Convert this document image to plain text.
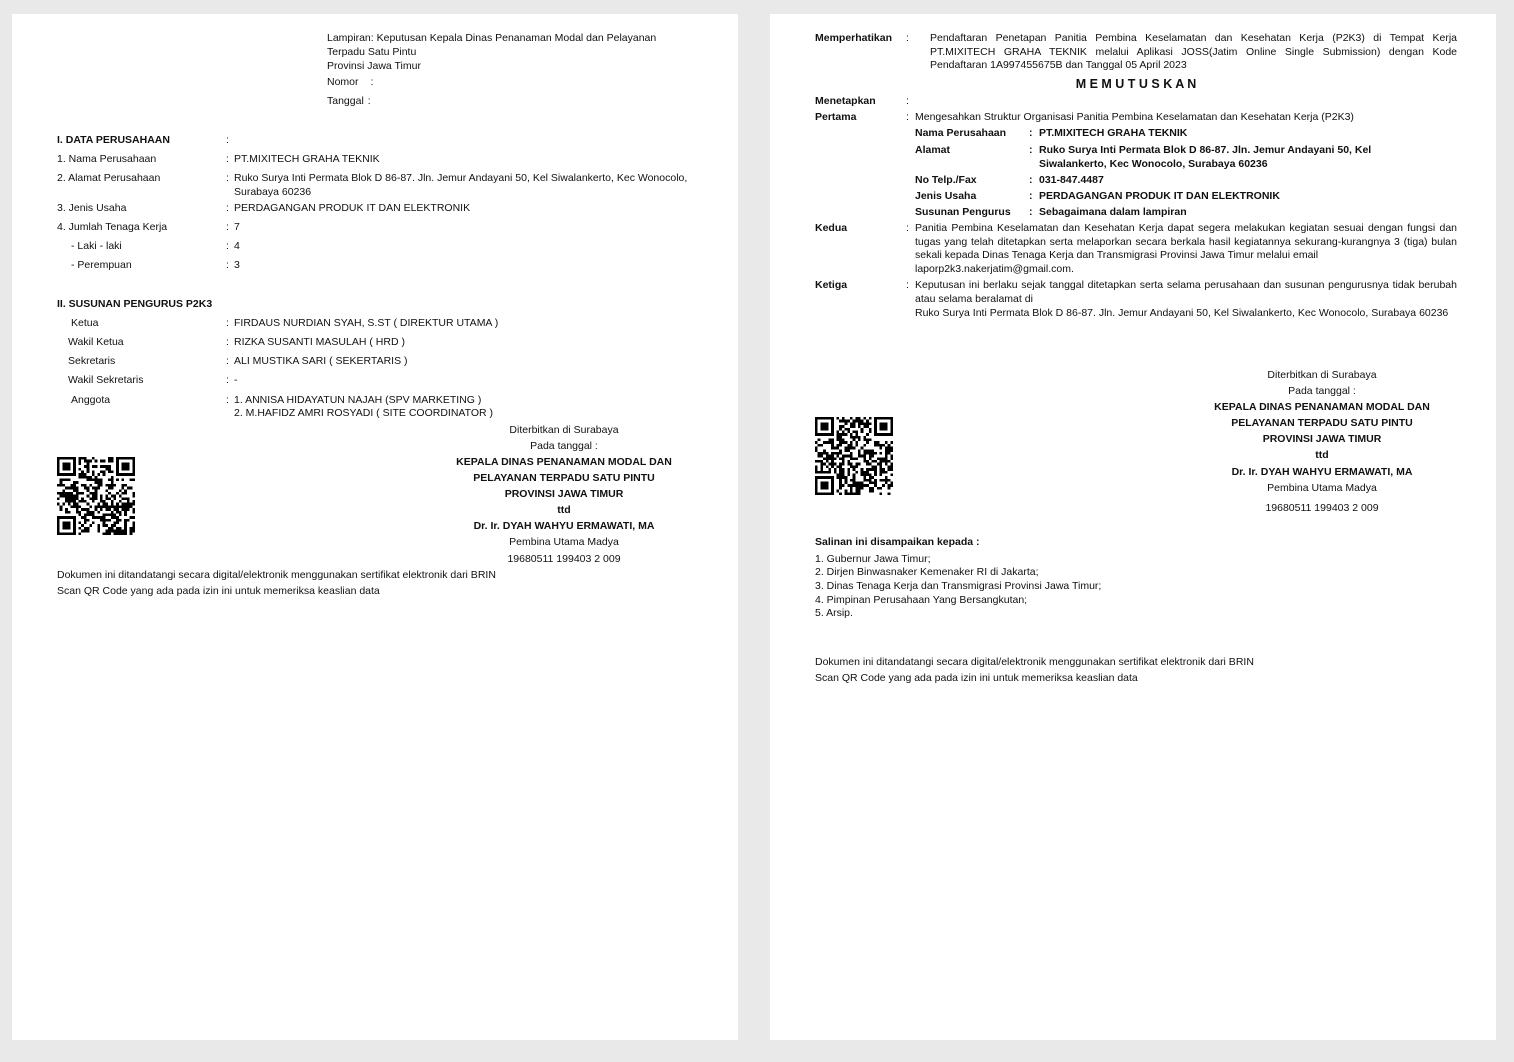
Lampiran: Keputusan Kepala Dinas Penanaman Modal dan Pelayanan Terpadu Satu Pintu
Provinsi Jawa Timur
Nomor :
Tanggal :
I. DATA PERUSAHAAN	:
1. Nama Perusahaan	: PT.MIXITECH GRAHA TEKNIK
2. Alamat Perusahaan	: Ruko Surya Inti Permata Blok D 86-87. Jln. Jemur Andayani 50, Kel Siwalankerto, Kec Wonocolo,
Surabaya 60236
3. Jenis Usaha	: PERDAGANGAN PRODUK IT DAN ELEKTRONIK
4. Jumlah Tenaga Kerja	: 7
- Laki - laki	: 4
- Perempuan	: 3
II. SUSUNAN PENGURUS P2K3
Ketua	: FIRDAUS NURDIAN SYAH, S.ST ( DIREKTUR UTAMA )
Wakil Ketua	: RIZKA SUSANTI MASULAH ( HRD )
Sekretaris	: ALI MUSTIKA SARI ( SEKERTARIS )
Wakil Sekretaris	: -
Anggota	: 1. ANNISA HIDAYATUN NAJAH (SPV MARKETING )
2. M.HAFIDZ AMRI ROSYADI ( SITE COORDINATOR )
Diterbitkan di Surabaya
Pada tanggal :
KEPALA DINAS PENANAMAN MODAL DAN
PELAYANAN TERPADU SATU PINTU
PROVINSI JAWA TIMUR
ttd
Dr. Ir. DYAH WAHYU ERMAWATI, MA
Pembina Utama Madya
19680511 199403 2 009
Dokumen ini ditandatangi secara digital/elektronik menggunakan sertifikat elektronik dari BRIN
Scan QR Code yang ada pada izin ini untuk memeriksa keaslian data
Memperhatikan : Pendaftaran Penetapan Panitia Pembina Keselamatan dan Kesehatan Kerja (P2K3) di Tempat Kerja PT.MIXITECH GRAHA TEKNIK melalui Aplikasi JOSS(Jatim Online Single Submission) dengan Kode Pendaftaran 1A997455675B dan Tanggal 05 April 2023
M E M U T U S K A N
Menetapkan	:
Pertama	: Mengesahkan Struktur Organisasi Panitia Pembina Keselamatan dan Kesehatan Kerja (P2K3)
Nama Perusahaan : PT.MIXITECH GRAHA TEKNIK
Alamat	: Ruko Surya Inti Permata Blok D 86-87. Jln. Jemur Andayani 50, Kel
Siwalankerto, Kec Wonocolo, Surabaya 60236
No Telp./Fax	: 031-847.4487
Jenis Usaha	: PERDAGANGAN PRODUK IT DAN ELEKTRONIK
Susunan Pengurus : Sebagaimana dalam lampiran
Kedua	: Panitia Pembina Keselamatan dan Kesehatan Kerja dapat segera melakukan kegiatan sesuai dengan fungsi dan tugas yang telah ditetapkan serta melaporkan secara berkala hasil kegiatannya sekurang-kurangnya 3 (tiga) bulan sekali kepada Dinas Tenaga Kerja dan Transmigrasi Provinsi Jawa Timur melalui email
laporp2k3.nakerjatim@gmail.com.
Ketiga	: Keputusan ini berlaku sejak tanggal ditetapkan serta selama perusahaan dan susunan pengurusnya tidak berubah atau selama beralamat di
Ruko Surya Inti Permata Blok D 86-87. Jln. Jemur Andayani 50, Kel Siwalankerto, Kec Wonocolo, Surabaya 60236
Diterbitkan di Surabaya
Pada tanggal :
KEPALA DINAS PENANAMAN MODAL DAN
PELAYANAN TERPADU SATU PINTU
PROVINSI JAWA TIMUR
ttd
Dr. Ir. DYAH WAHYU ERMAWATI, MA
Pembina Utama Madya
19680511 199403 2 009
Salinan ini disampaikan kepada :
1. Gubernur Jawa Timur;
2. Dirjen Binwasnaker Kemenaker RI di Jakarta;
3. Dinas Tenaga Kerja dan Transmigrasi Provinsi Jawa Timur;
4. Pimpinan Perusahaan Yang Bersangkutan;
5. Arsip.
Dokumen ini ditandatangi secara digital/elektronik menggunakan sertifikat elektronik dari BRIN
Scan QR Code yang ada pada izin ini untuk memeriksa keaslian data
